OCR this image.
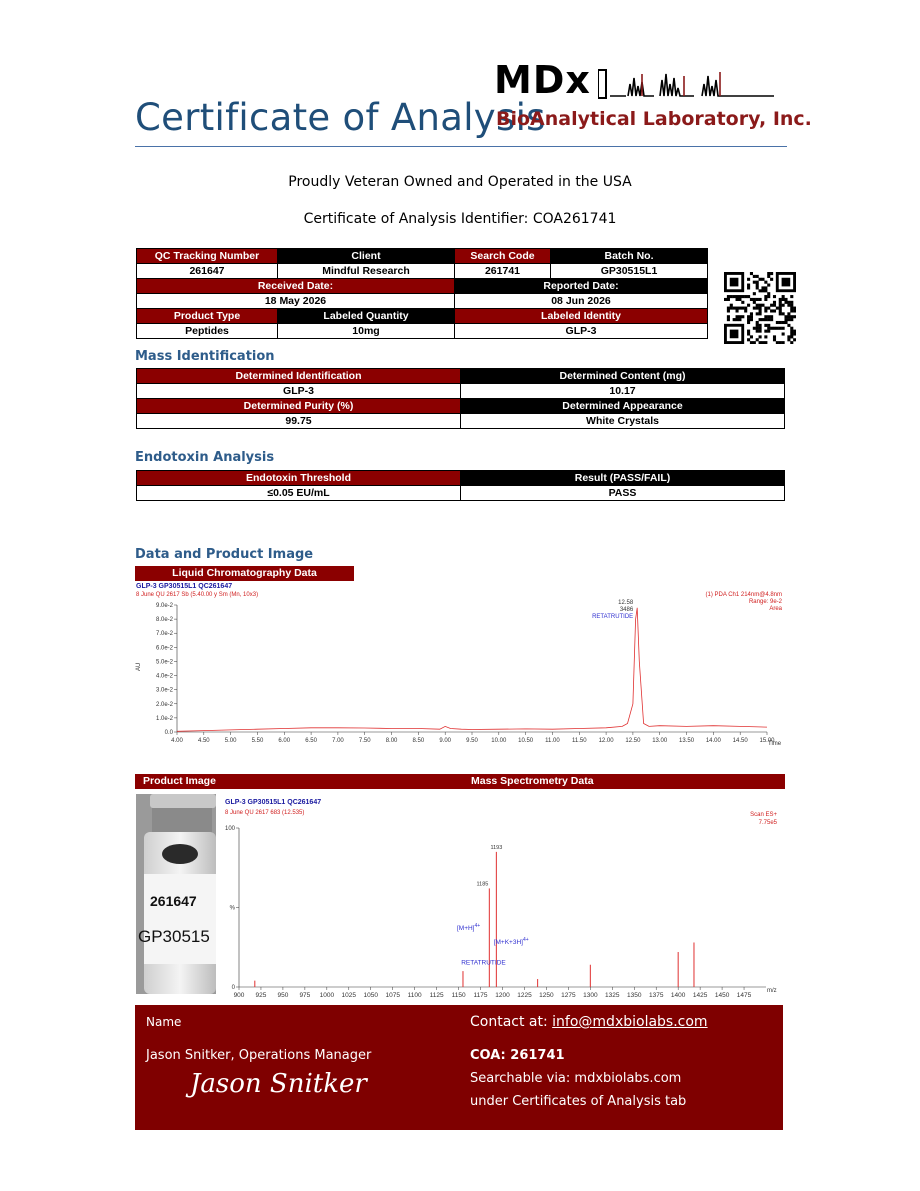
Certificate of Analysis
MDx
BioAnalytical Laboratory, Inc.
Proudly Veteran Owned and Operated in the USA
Certificate of Analysis Identifier: COA261741
QC Tracking Number	Client	Search Code	Batch No.
261647	Mindful Research	261741	GP30515L1
Received Date:		Reported Date:	
18 May 2026		08 Jun 2026	
Product Type	Labeled Quantity	Labeled Identity	
Peptides	10mg	GLP-3	
Mass Identification
Determined Identification	Determined Content (mg)
GLP-3	10.17
Determined Purity (%)	Determined Appearance
99.75	White Crystals
Endotoxin Analysis
Endotoxin Threshold	Result (PASS/FAIL)
≤0.05 EU/mL	PASS
Data and Product Image
Liquid Chromatography Data
GLP-3 GP30515L1 QC261647
8 June QU 2617 Sb (5.40.00 y Sm (Mn, 10x3)	(1) PDA Ch1 214nm@4.8nm
Range: 9e-2
Area
AU
Time
4.00	4.50	5.00	5.50	6.00	6.50	7.00	7.50	8.00	8.50	9.00	9.50 10.00 10.50 11.00 11.50 12.00 12.50 13.00 13.50 14.00 14.50 15.00
0.0
1.0e-2
2.0e-2
3.0e-2
4.0e-2
5.0e-2
6.0e-2
7.0e-2
8.0e-2
9.0e-2	12.58
3486
RETATRUTIDE
Product Image	Mass Spectrometry Data
261647
GP30515
GLP-3 GP30515L1 QC261647
8 June QU 2617 683 (12.535)	Scan ES+
7.75e5
m/z
900 925 950 975 1000 1025 1050 1075 1100 1125 1150 1175 1200 1225 1250 1275 1300 1325 1350 1375 1400 1425 1450 1475
0
%
100
1193
1185
$[M+H]^{4+}$
$[M+K+3H]^{4+}$
RETATRUTIDE
Name	Contact at: info@mdxbiolabs.com
Jason Snitker, Operations Manager
Jason Snitker
COA: 261741
Searchable via: mdxbiolabs.com
under Certificates of Analysis tab
